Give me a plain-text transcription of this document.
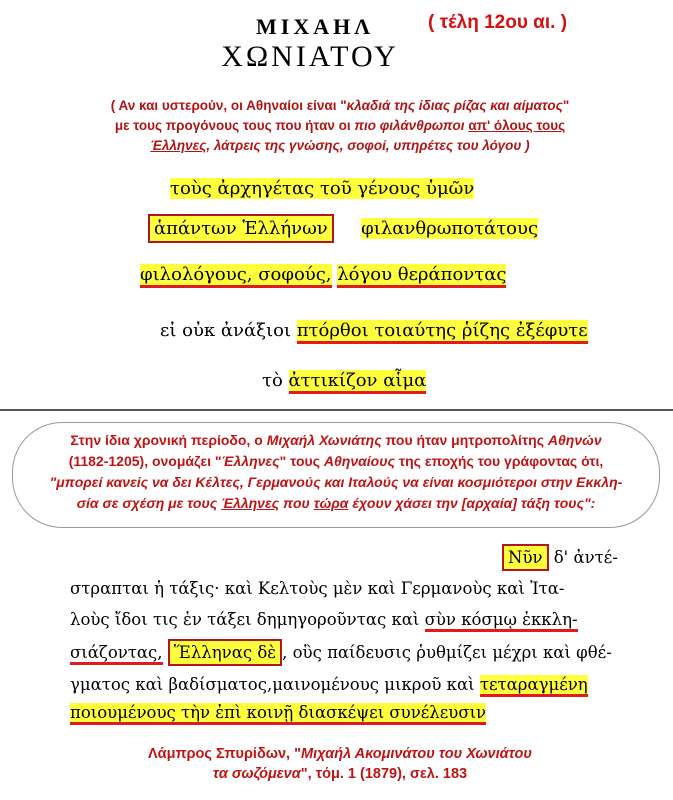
ΜΙΧΑΗΛ
ΧΩΝΙΑΤΟΥ
( τέλη 12ου αι. )
( Αν και υστερούν, οι Αθηναίοι είναι "κλαδιά της ίδιας ρίζας και αίματος"
με τους προγόνους τους που ήταν οι πιο φιλάνθρωποι απ' όλους τους
Έλληνες, λάτρεις της γνώσης, σοφοί, υπηρέτες του λόγου )
τοὺς ἀρχηγέτας τοῦ γένους ὑμῶν
ἁπάντων Ἑλλήνων φιλανθρωποτάτους
φιλολόγους, σοφούς, λόγου θεράποντας
εἰ οὐκ ἀνάξιοι πτόρθοι τοιαύτης ῥίζης ἐξέφυτε
τὸ ἀττικίζον αἷμα
Στην ίδια χρονική περίοδο, ο Μιχαήλ Χωνιάτης που ήταν μητροπολίτης Αθηνών
(1182-1205), ονομάζει "Έλληνες" τους Αθηναίους της εποχής του γράφοντας ότι,
"μπορεί κανείς να δει Κέλτες, Γερμανούς και Ιταλούς να είναι κοσμιότεροι στην Εκκλη-
σία σε σχέση με τους Έλληνες που τώρα έχουν χάσει την [αρχαία] τάξη τους":
Νῦν δ' ἀντέ-
στραπται ἡ τάξις· καὶ Κελτοὺς μὲν καὶ Γερμανοὺς καὶ Ἰτα-
λοὺς ἴδοι τις ἐν τάξει δημηγοροῦντας καὶ σὺν κόσμῳ ἐκκλη-
σιάζοντας, Ἕλληνας δὲ , οὓς παίδευσις ῥυθμίζει μέχρι καὶ φθέ-
γματος καὶ βαδίσματος,μαινομένους μικροῦ καὶ τεταραγμένη
ποιουμένους τὴν ἐπὶ κοινῇ διασκέψει συνέλευσιν
Λάμπρος Σπυρίδων, "Μιχαήλ Ακομινάτου του Χωνιάτου
τα σωζόμενα", τόμ. 1 (1879), σελ. 183
